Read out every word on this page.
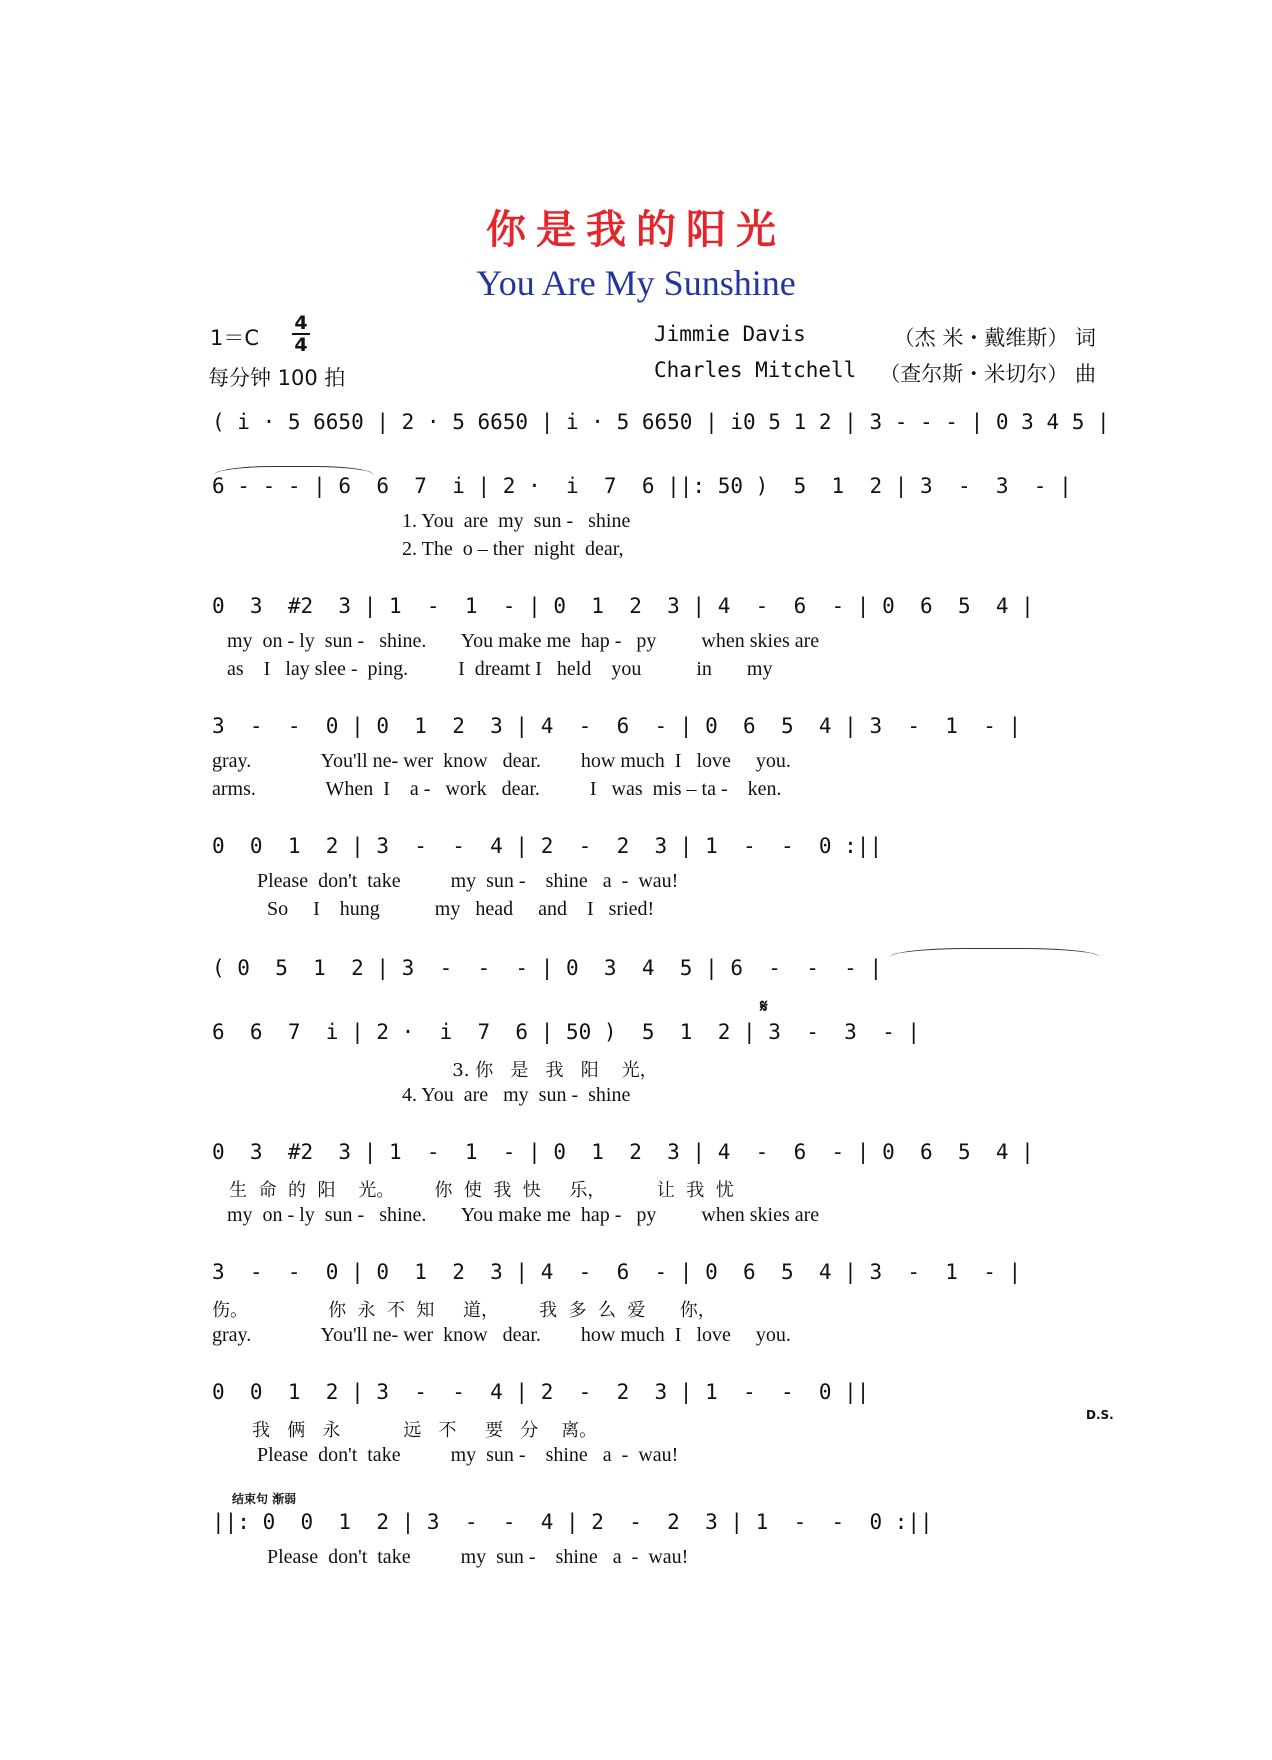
你是我的阳光
You Are My Sunshine
1＝C
4
4
每分钟 100 拍
Jimmie Davis	（杰 米・戴维斯） 词
Charles Mitchell （查尔斯・米切尔） 曲
( i · 5 6650 | 2 · 5 6650 | i · 5 6650 | i0 5 1 2 | 3 - - - | 0 3 4 5 |
6 - - - | 6  6  7  i | 2 ·  i  7  6 ||: 50 )  5  1  2 | 3  -  3  - |
1. You  are  my  sun -   shine
2. The  o – ther  night  dear,
0  3  #2  3 | 1  -  1  - | 0  1  2  3 | 4  -  6  - | 0  6  5  4 |
my  on - ly  sun -   shine.       You make me  hap -   py         when skies are
as    I   lay slee -  ping.          I  dreamt I   held    you           in       my
3  -  -  0 | 0  1  2  3 | 4  -  6  - | 0  6  5  4 | 3  -  1  - |
gray.              You'll ne- wer  know   dear.        how much  I   love     you.
arms.              When  I    a -   work   dear.          I   was  mis – ta -    ken.
0  0  1  2 | 3  -  -  4 | 2  -  2  3 | 1  -  -  0 :||
Please  don't  take          my  sun -    shine   a  -  wau!
So     I    hung           my   head     and    I   sried!
( 0  5  1  2 | 3  -  -  - | 0  3  4  5 | 6  -  -  - |
𝄋
6  6  7  i | 2 ·  i  7  6 | 50 )  5  1  2 | 3  -  3  - |
3. 你   是   我   阳    光，
4. You  are   my  sun -  shine
0  3  #2  3 | 1  -  1  - | 0  1  2  3 | 4  -  6  - | 0  6  5  4 |
生  命  的  阳    光。       你  使  我  快     乐，         让  我  忧
my  on - ly  sun -   shine.       You make me  hap -   py         when skies are
3  -  -  0 | 0  1  2  3 | 4  -  6  - | 0  6  5  4 | 3  -  1  - |
伤。              你  永  不  知     道，       我  多  么  爱      你，
gray.              You'll ne- wer  know   dear.        how much  I   love     you.
0  0  1  2 | 3  -  -  4 | 2  -  2  3 | 1  -  -  0 ||
D.S.
我   俩   永           远   不     要   分    离。
Please  don't  take          my  sun -    shine   a  -  wau!
结束句 渐弱
||: 0  0  1  2 | 3  -  -  4 | 2  -  2  3 | 1  -  -  0 :||
Please  don't  take          my  sun -    shine   a  -  wau!
